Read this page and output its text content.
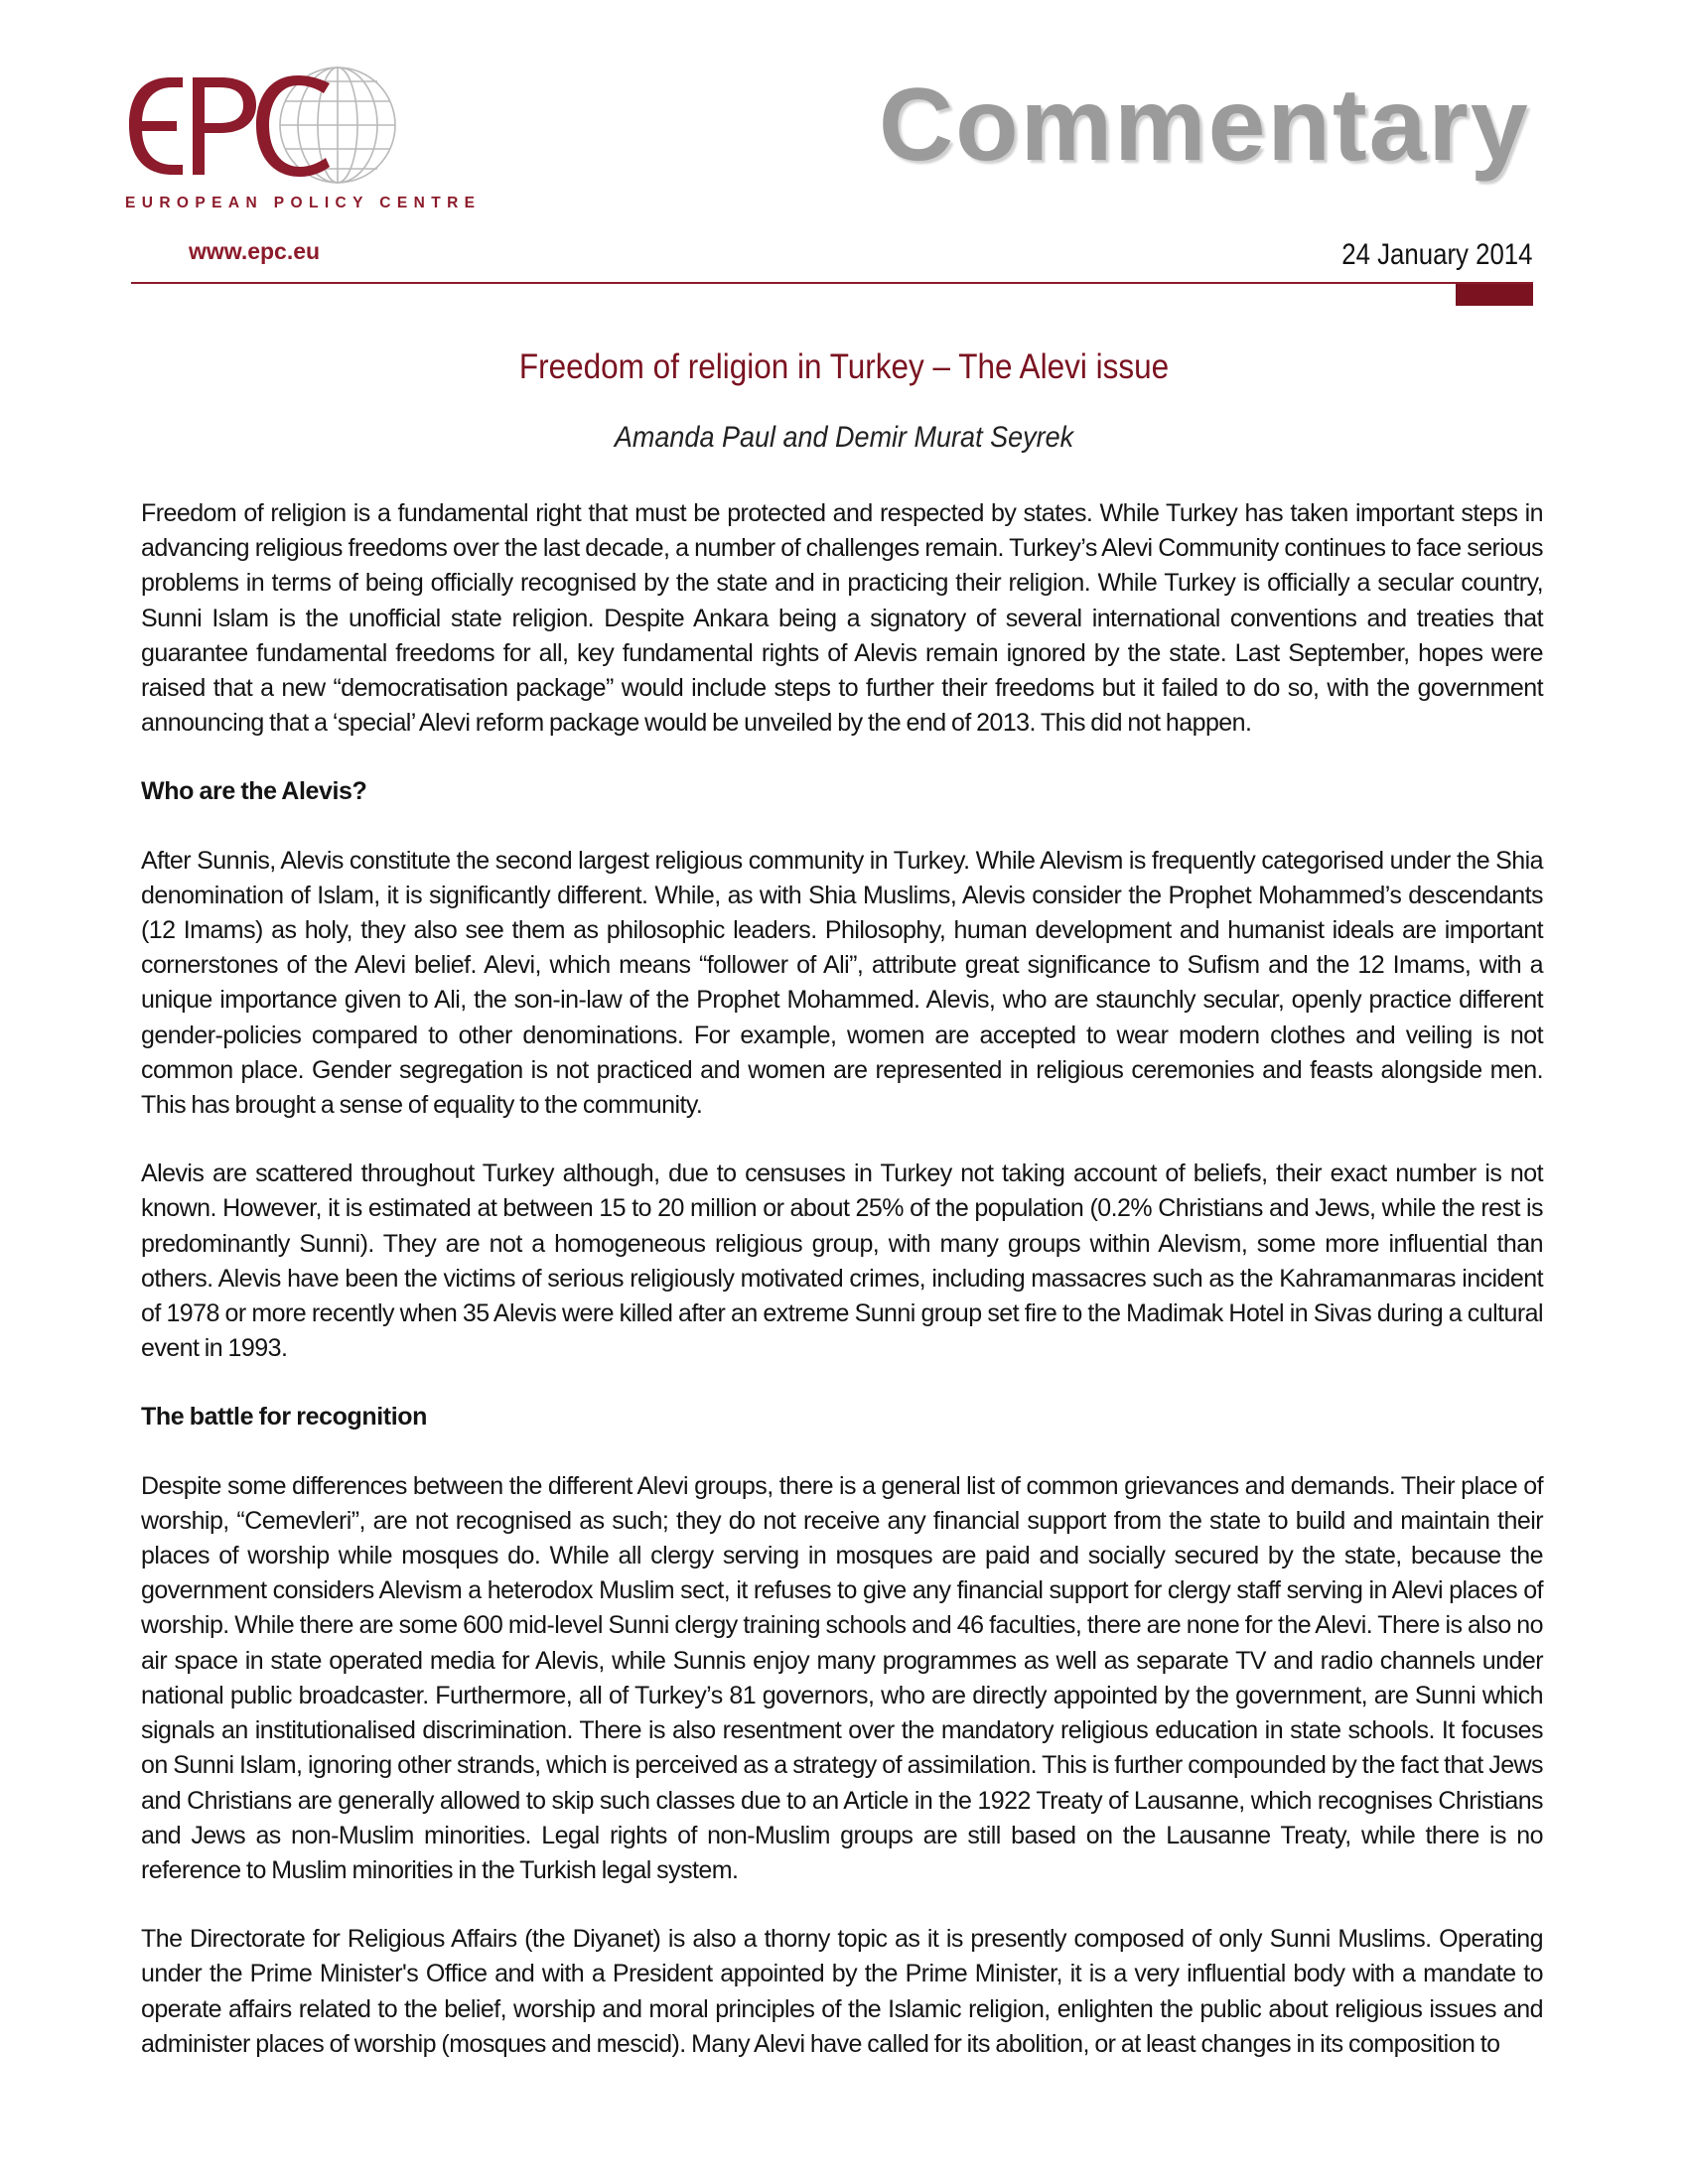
EUROPEAN POLICY CENTRE
www.epc.eu
Commentary
24 January 2014
Freedom of religion in Turkey – The Alevi issue
Amanda Paul and Demir Murat Seyrek

Freedom of religion is a fundamental right that must be protected and respected by states. While Turkey has taken important steps in advancing religious freedoms over the last decade, a number of challenges remain. Turkey’s Alevi Community continues to face serious problems in terms of being officially recognised by the state and in practicing their religion. While Turkey is officially a secular country, Sunni Islam is the unofficial state religion. Despite Ankara being a signatory of several international conventions and treaties that guarantee fundamental freedoms for all, key fundamental rights of Alevis remain ignored by the state. Last September, hopes were raised that a new “democratisation package” would include steps to further their freedoms but it failed to do so, with the government announcing that a ‘special’ Alevi reform package would be unveiled by the end of 2013. This did not happen.

Who are the Alevis?

After Sunnis, Alevis constitute the second largest religious community in Turkey. While Alevism is frequently categorised under the Shia denomination of Islam, it is significantly different. While, as with Shia Muslims, Alevis consider the Prophet Mohammed’s descendants (12 Imams) as holy, they also see them as philosophic leaders. Philosophy, human development and humanist ideals are important cornerstones of the Alevi belief. Alevi, which means “follower of Ali”, attribute great significance to Sufism and the 12 Imams, with a unique importance given to Ali, the son-in-law of the Prophet Mohammed. Alevis, who are staunchly secular, openly practice different gender-policies compared to other denominations. For example, women are accepted to wear modern clothes and veiling is not common place. Gender segregation is not practiced and women are represented in religious ceremonies and feasts alongside men. This has brought a sense of equality to the community.

Alevis are scattered throughout Turkey although, due to censuses in Turkey not taking account of beliefs, their exact number is not known. However, it is estimated at between 15 to 20 million or about 25% of the population (0.2% Christians and Jews, while the rest is predominantly Sunni). They are not a homogeneous religious group, with many groups within Alevism, some more influential than others. Alevis have been the victims of serious religiously motivated crimes, including massacres such as the Kahramanmaras incident of 1978 or more recently when 35 Alevis were killed after an extreme Sunni group set fire to the Madimak Hotel in Sivas during a cultural event in 1993.

The battle for recognition

Despite some differences between the different Alevi groups, there is a general list of common grievances and demands. Their place of worship, “Cemevleri”, are not recognised as such; they do not receive any financial support from the state to build and maintain their places of worship while mosques do. While all clergy serving in mosques are paid and socially secured by the state, because the government considers Alevism a heterodox Muslim sect, it refuses to give any financial support for clergy staff serving in Alevi places of worship. While there are some 600 mid-level Sunni clergy training schools and 46 faculties, there are none for the Alevi. There is also no air space in state operated media for Alevis, while Sunnis enjoy many programmes as well as separate TV and radio channels under national public broadcaster. Furthermore, all of Turkey’s 81 governors, who are directly appointed by the government, are Sunni which signals an institutionalised discrimination. There is also resentment over the mandatory religious education in state schools. It focuses on Sunni Islam, ignoring other strands, which is perceived as a strategy of assimilation. This is further compounded by the fact that Jews and Christians are generally allowed to skip such classes due to an Article in the 1922 Treaty of Lausanne, which recognises Christians and Jews as non-Muslim minorities. Legal rights of non-Muslim groups are still based on the Lausanne Treaty, while there is no reference to Muslim minorities in the Turkish legal system.

The Directorate for Religious Affairs (the Diyanet) is also a thorny topic as it is presently composed of only Sunni Muslims. Operating under the Prime Minister's Office and with a President appointed by the Prime Minister, it is a very influential body with a mandate to operate affairs related to the belief, worship and moral principles of the Islamic religion, enlighten the public about religious issues and administer places of worship (mosques and mescid). Many Alevi have called for its abolition, or at least changes in its composition to
